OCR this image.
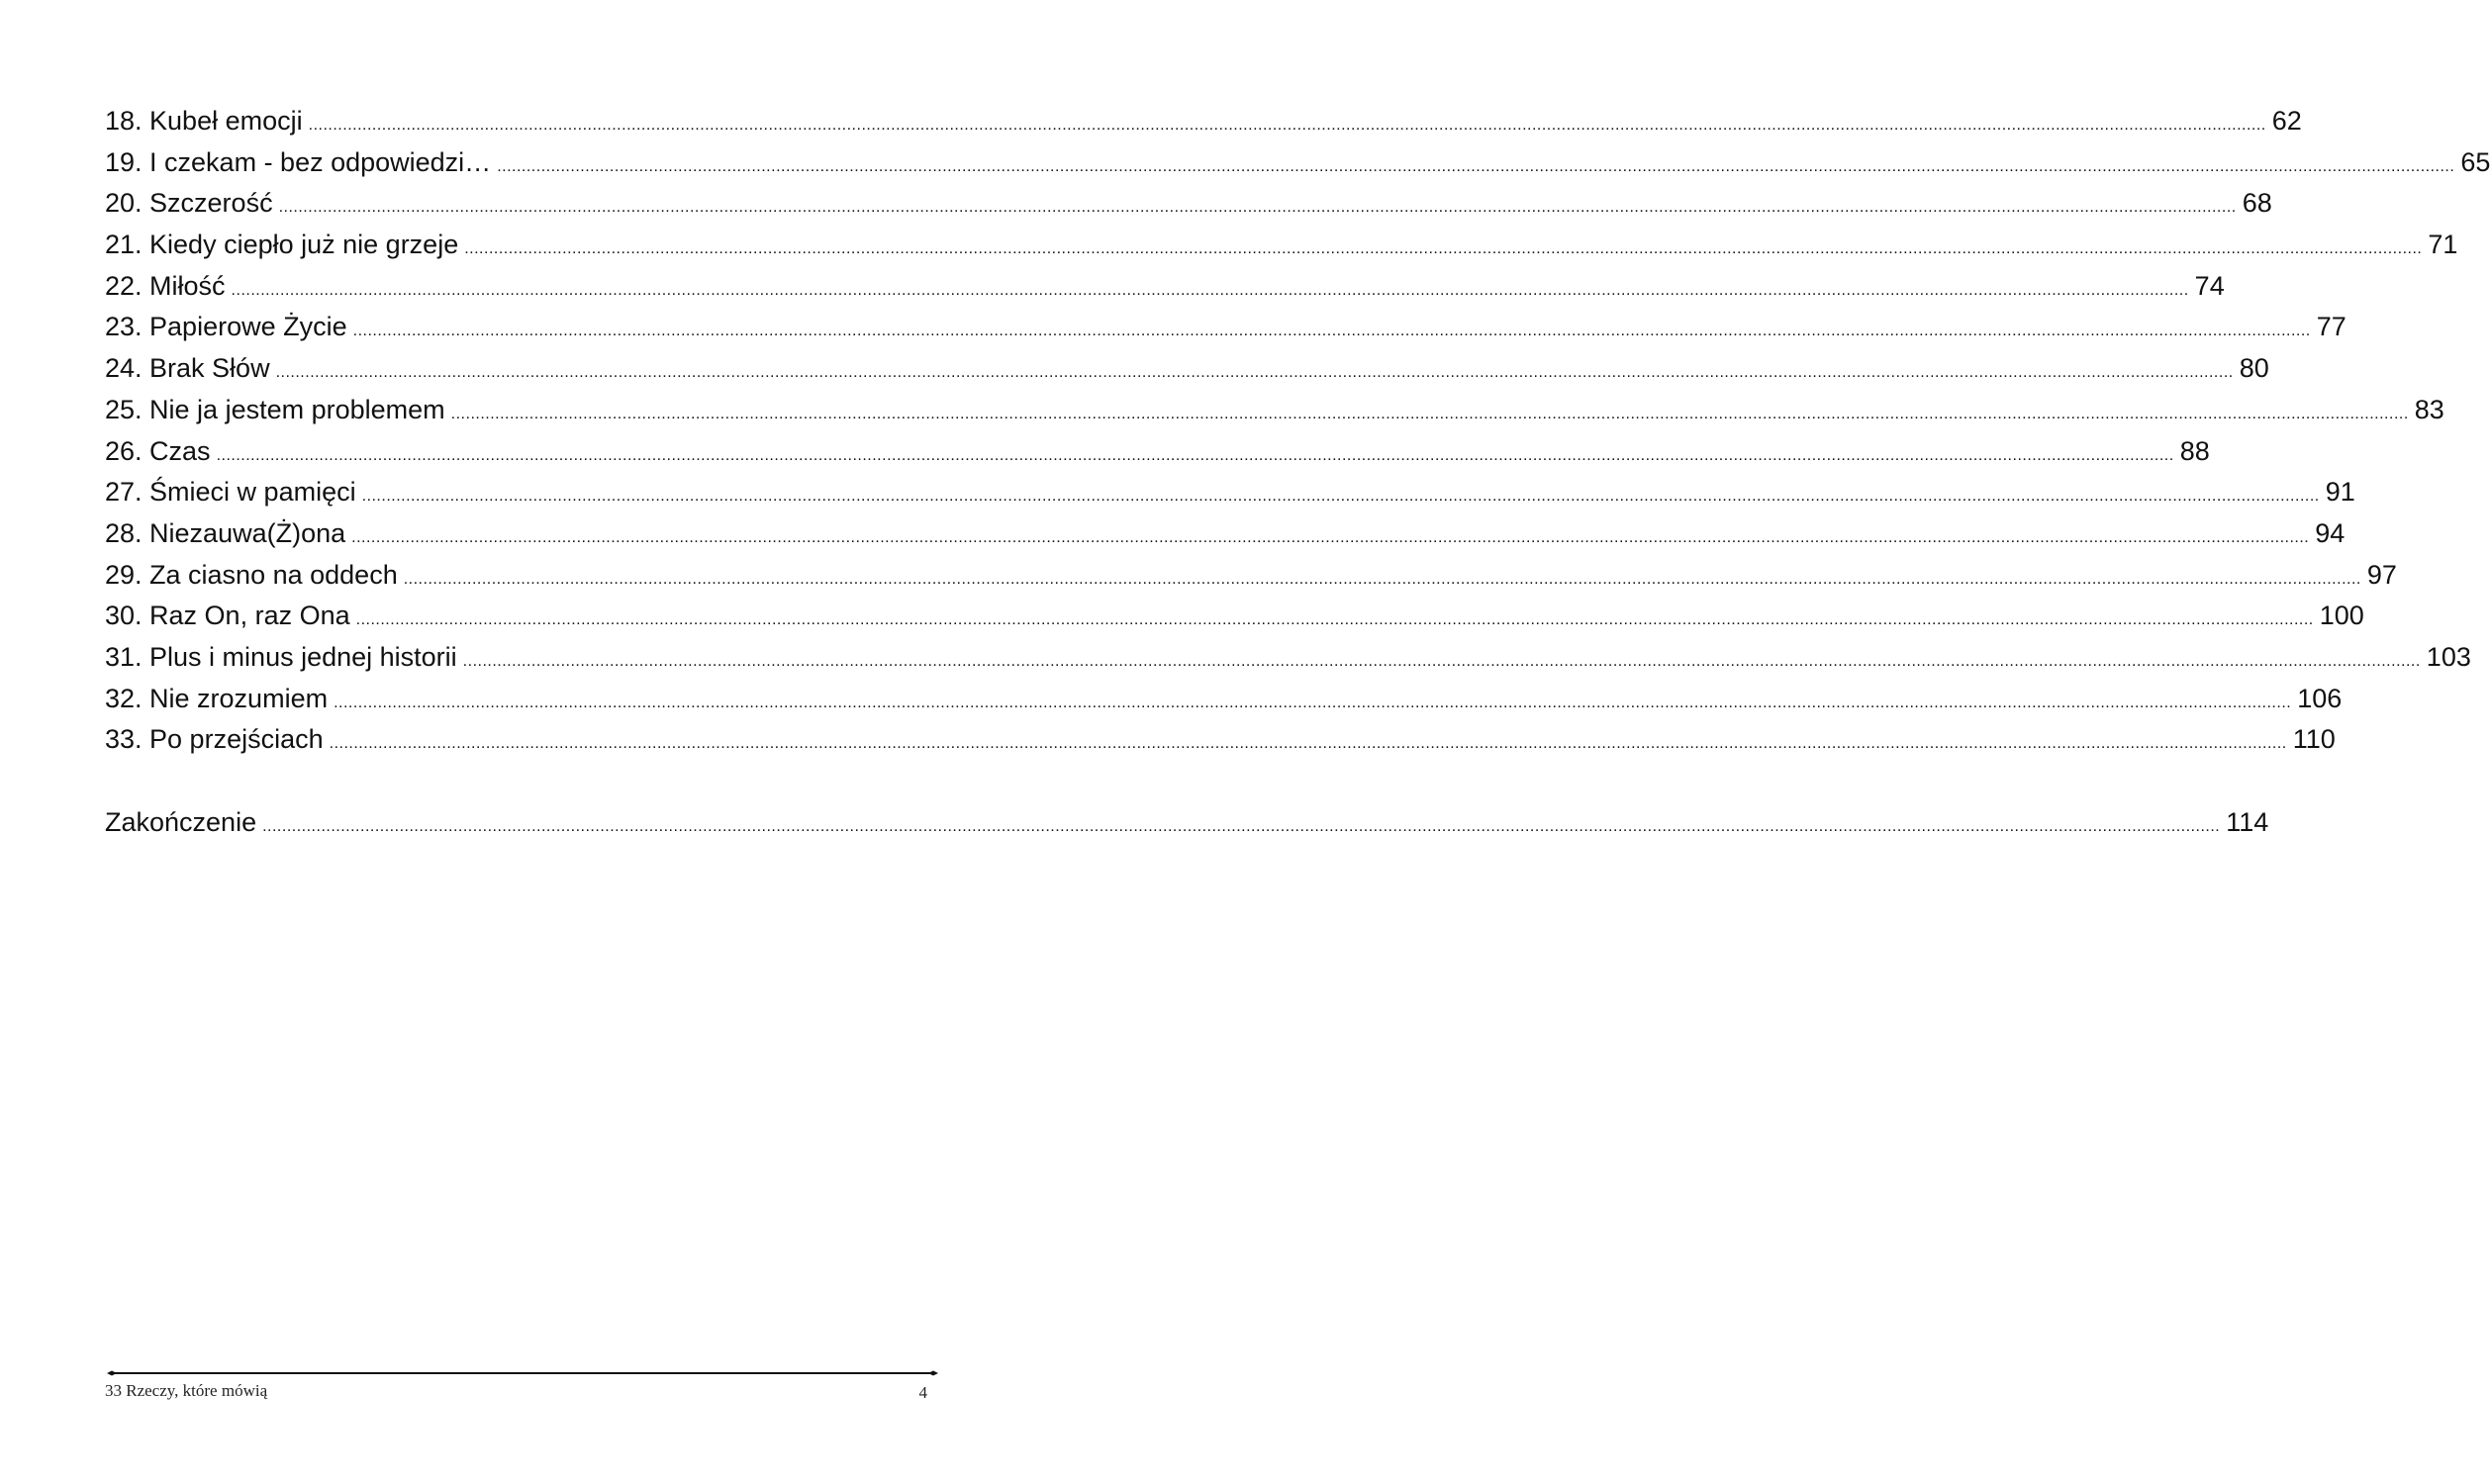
18. Kubeł emocji ................................................................................................................................................................................................................................................................................................................................................................................................................ 62
19. I czekam - bez odpowiedzi… ................................................................................................................................................................................................................................................................................................................................................................................................................ 65
20. Szczerość ................................................................................................................................................................................................................................................................................................................................................................................................................ 68
21. Kiedy ciepło już nie grzeje ................................................................................................................................................................................................................................................................................................................................................................................................................ 71
22. Miłość ................................................................................................................................................................................................................................................................................................................................................................................................................ 74
23. Papierowe Życie ................................................................................................................................................................................................................................................................................................................................................................................................................ 77
24. Brak Słów ................................................................................................................................................................................................................................................................................................................................................................................................................ 80
25. Nie ja jestem problemem ................................................................................................................................................................................................................................................................................................................................................................................................................ 83
26. Czas ................................................................................................................................................................................................................................................................................................................................................................................................................ 88
27. Śmieci w pamięci ................................................................................................................................................................................................................................................................................................................................................................................................................ 91
28. Niezauwa(Ż)ona ................................................................................................................................................................................................................................................................................................................................................................................................................ 94
29. Za ciasno na oddech ................................................................................................................................................................................................................................................................................................................................................................................................................ 97
30. Raz On, raz Ona ................................................................................................................................................................................................................................................................................................................................................................................................................ 100
31. Plus i minus jednej historii ................................................................................................................................................................................................................................................................................................................................................................................................................ 103
32. Nie zrozumiem ................................................................................................................................................................................................................................................................................................................................................................................................................ 106
33. Po przejściach ................................................................................................................................................................................................................................................................................................................................................................................................................ 110
Zakończenie ................................................................................................................................................................................................................................................................................................................................................................................................................ 114
33 Rzeczy, które mówią	4
